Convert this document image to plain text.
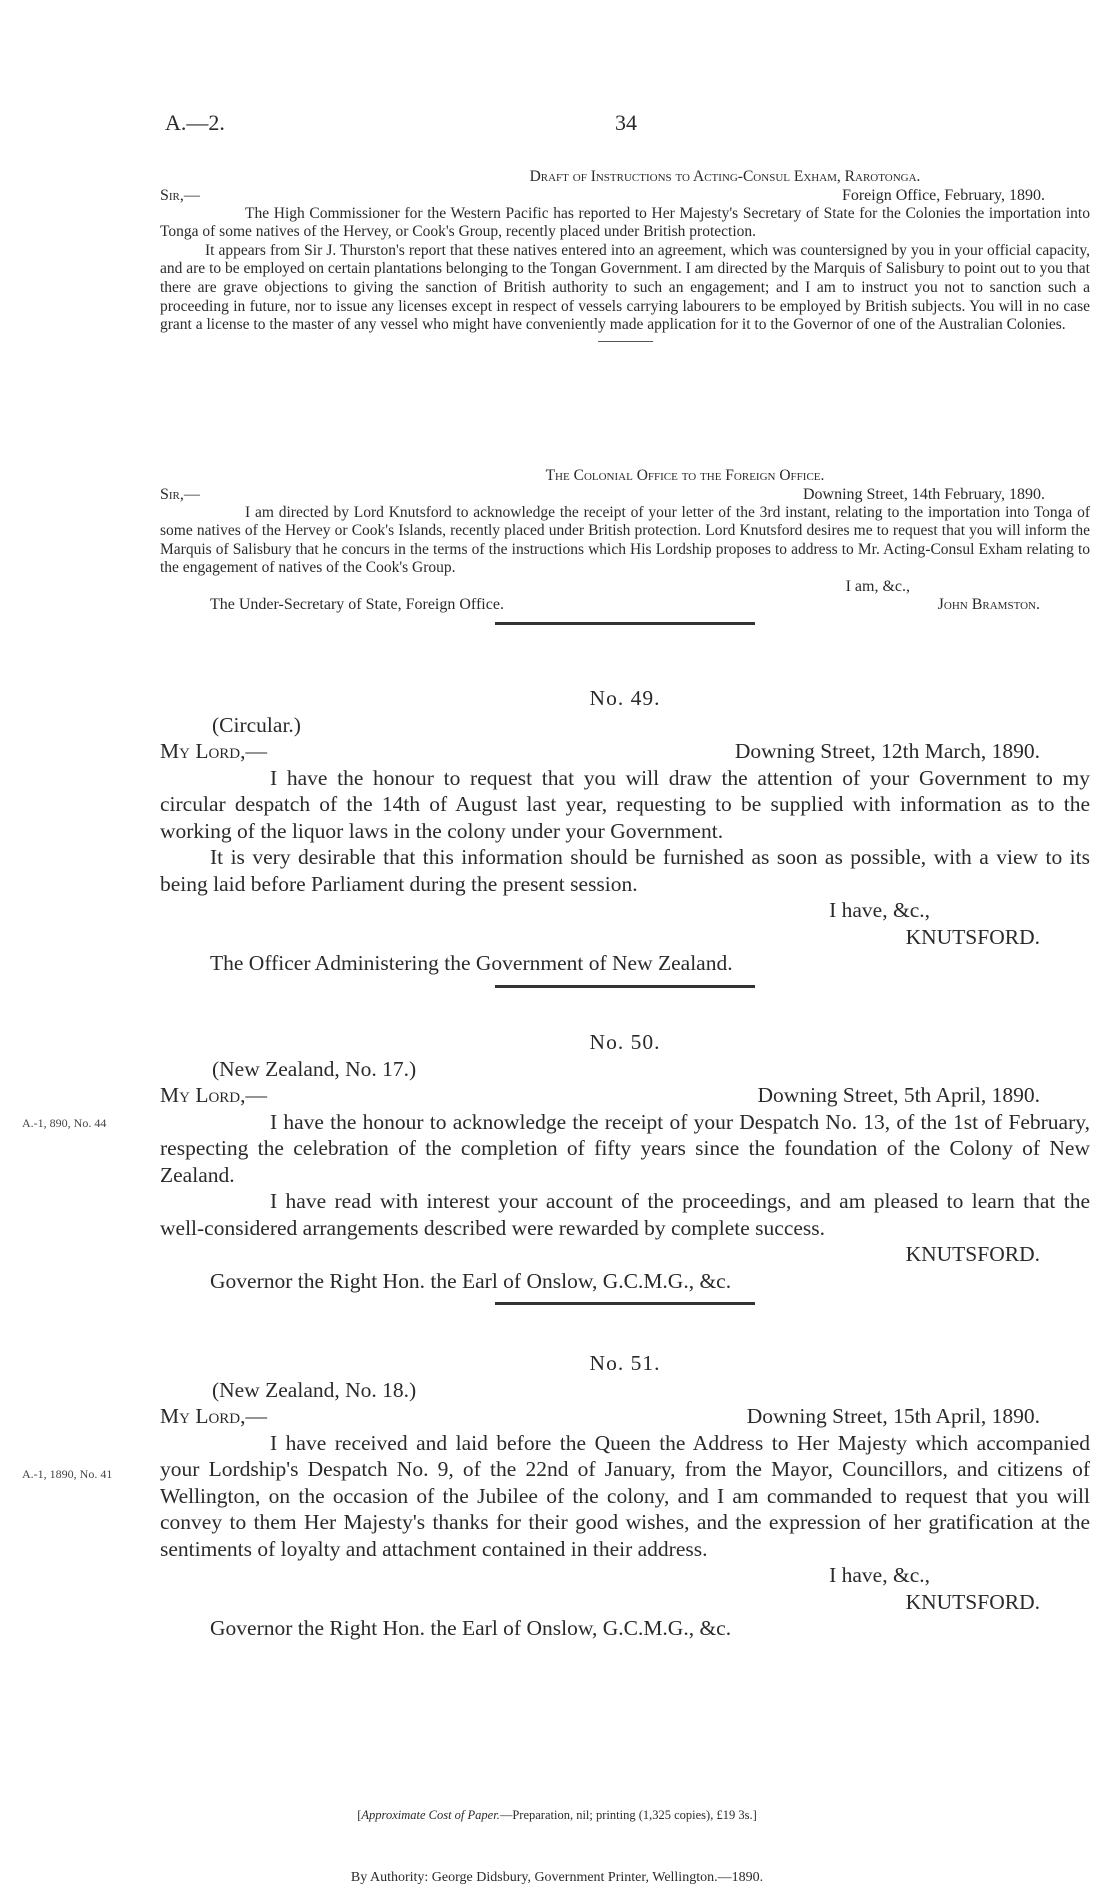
A.—2.	34

Draft of Instructions to Acting-Consul Exham, Rarotonga.

Sir,—	Foreign Office, February, 1890.

The High Commissioner for the Western Pacific has reported to Her Majesty's Secretary of State for the Colonies the importation into Tonga of some natives of the Hervey, or Cook's Group, recently placed under British protection.

It appears from Sir J. Thurston's report that these natives entered into an agreement, which was countersigned by you in your official capacity, and are to be employed on certain plantations belonging to the Tongan Government. I am directed by the Marquis of Salisbury to point out to you that there are grave objections to giving the sanction of British authority to such an engagement; and I am to instruct you not to sanction such a proceeding in future, nor to issue any licenses except in respect of vessels carrying labourers to be employed by British subjects. You will in no case grant a license to the master of any vessel who might have conveniently made application for it to the Governor of one of the Australian Colonies.

The Colonial Office to the Foreign Office.

Sir,—	Downing Street, 14th February, 1890.

I am directed by Lord Knutsford to acknowledge the receipt of your letter of the 3rd instant, relating to the importation into Tonga of some natives of the Hervey or Cook's Islands, recently placed under British protection. Lord Knutsford desires me to request that you will inform the Marquis of Salisbury that he concurs in the terms of the instructions which His Lordship proposes to address to Mr. Acting-Consul Exham relating to the engagement of natives of the Cook's Group.

I am, &c.,
The Under-Secretary of State, Foreign Office.	John Bramston.
No. 49.
(Circular.)
My Lord,—	Downing Street, 12th March, 1890.

I have the honour to request that you will draw the attention of your Government to my circular despatch of the 14th of August last year, requesting to be supplied with information as to the working of the liquor laws in the colony under your Government.

It is very desirable that this information should be furnished as soon as possible, with a view to its being laid before Parliament during the present session.

I have, &c.,
KNUTSFORD.
The Officer Administering the Government of New Zealand.
A.-1, 890, No. 44
No. 50.
(New Zealand, No. 17.)
My Lord,—	Downing Street, 5th April, 1890.

I have the honour to acknowledge the receipt of your Despatch No. 13, of the 1st of February, respecting the celebration of the completion of fifty years since the foundation of the Colony of New Zealand.

I have read with interest your account of the proceedings, and am pleased to learn that the well-considered arrangements described were rewarded by complete success.

KNUTSFORD.
Governor the Right Hon. the Earl of Onslow, G.C.M.G., &c.
A.-1, 1890, No. 41
No. 51.
(New Zealand, No. 18.)
My Lord,—	Downing Street, 15th April, 1890.

I have received and laid before the Queen the Address to Her Majesty which accompanied your Lordship's Despatch No. 9, of the 22nd of January, from the Mayor, Councillors, and citizens of Wellington, on the occasion of the Jubilee of the colony, and I am commanded to request that you will convey to them Her Majesty's thanks for their good wishes, and the expression of her gratification at the sentiments of loyalty and attachment contained in their address.

I have, &c.,
KNUTSFORD.
Governor the Right Hon. the Earl of Onslow, G.C.M.G., &c.
[Approximate Cost of Paper.—Preparation, nil; printing (1,325 copies), £19 3s.]
By Authority: George Didsbury, Government Printer, Wellington.—1890.
